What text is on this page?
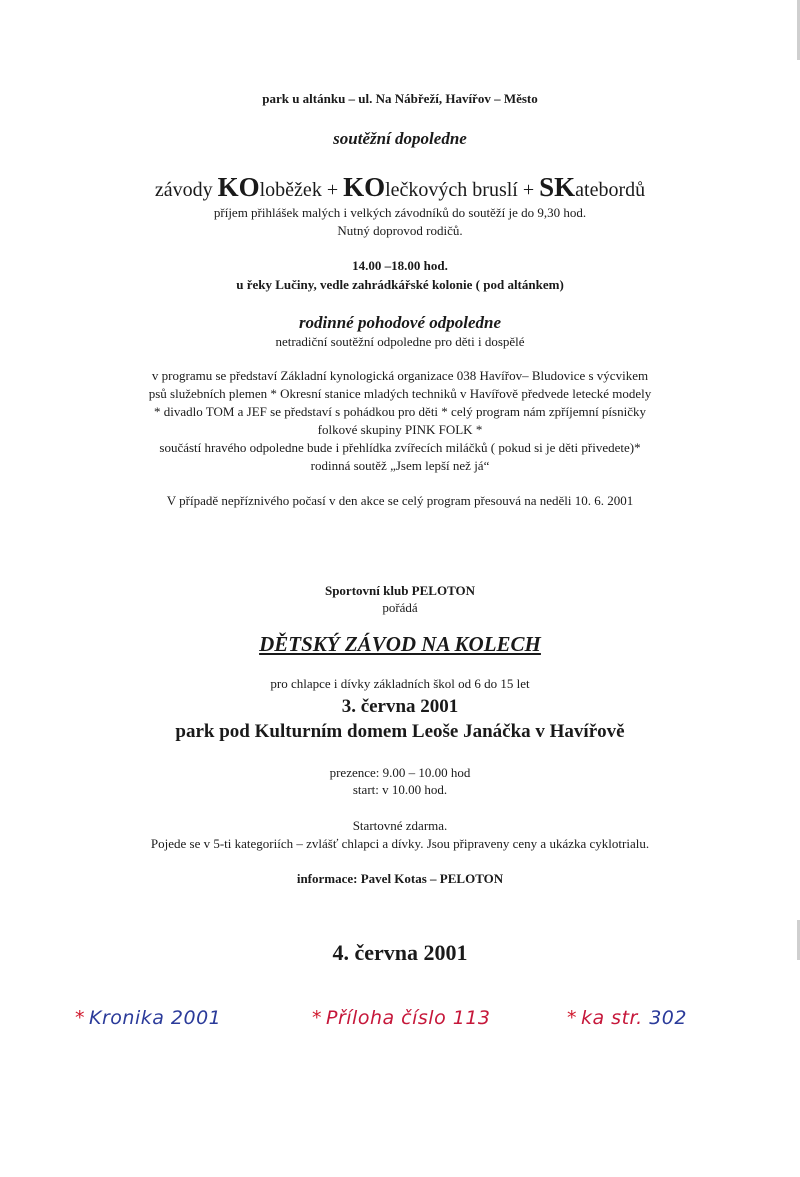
park u altánku – ul. Na Nábřeží, Havířov – Město
soutěžní dopoledne
závody KOloběžek + KOlečkových bruslí + SKatebordů
příjem přihlášek malých i velkých závodníků do soutěží je do 9,30 hod.
Nutný doprovod rodičů.
14.00 –18.00 hod.
u řeky Lučiny, vedle zahrádkářské kolonie ( pod altánkem)
rodinné pohodové odpoledne
netradiční soutěžní odpoledne pro děti i dospělé
v programu se představí Základní kynologická organizace 038 Havířov– Bludovice s výcvikem
psů služebních plemen * Okresní stanice mladých techniků v Havířově předvede letecké modely
* divadlo TOM a JEF se představí s pohádkou pro děti * celý program nám zpříjemní písničky
folkové skupiny PINK FOLK *
součástí hravého odpoledne bude i přehlídka zvířecích miláčků ( pokud si je děti přivedete)*
rodinná soutěž „Jsem lepší než já“
V případě nepříznivého počasí v den akce se celý program přesouvá na neděli 10. 6. 2001
Sportovní klub PELOTON
pořádá
DĚTSKÝ ZÁVOD NA KOLECH
pro chlapce i dívky základních škol od 6 do 15 let
3. června 2001
park pod Kulturním domem Leoše Janáčka v Havířově
prezence: 9.00 – 10.00 hod
start: v 10.00 hod.
Startovné zdarma.
Pojede se v 5-ti kategoriích – zvlášť chlapci a dívky. Jsou připraveny ceny a ukázka cyklotrialu.
informace: Pavel Kotas – PELOTON
4. června 2001
* Kronika 2001	* Příloha číslo 113	* ka str. 302
